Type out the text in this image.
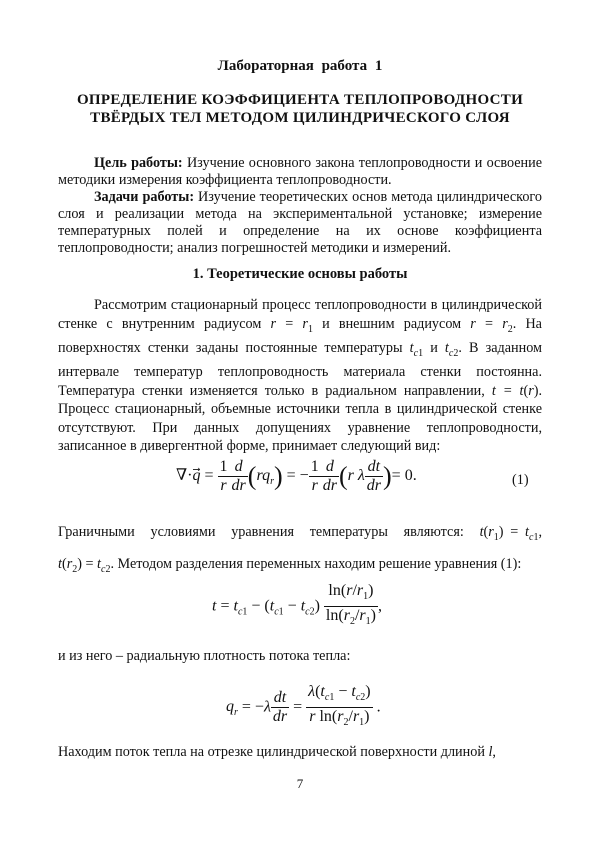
Лабораторная работа 1
ОПРЕДЕЛЕНИЕ КОЭФФИЦИЕНТА ТЕПЛОПРОВОДНОСТИ
ТВЁРДЫХ ТЕЛ МЕТОДОМ ЦИЛИНДРИЧЕСКОГО СЛОЯ
Цель работы: Изучение основного закона теплопроводности и освоение методики измерения коэффициента теплопроводности.
Задачи работы: Изучение теоретических основ метода цилиндрического слоя и реализации метода на экспериментальной установке; измерение температурных полей и определение на их основе коэффициента теплопроводности; анализ погрешностей методики и измерений.
1. Теоретические основы работы
Рассмотрим стационарный процесс теплопроводности в цилиндрической стенке с внутренним радиусом $r = r_1$ и внешним радиусом $r = r_2$. На поверхностях стенки заданы постоянные температуры $t_{c1}$ и $t_{c2}$. В заданном интервале температур теплопроводность материала стенки постоянна. Температура стенки изменяется только в радиальном направлении, t = t(r). Процесс стационарный, объемные источники тепла в цилиндрической стенке отсутствуют. При данных допущениях уравнение теплопроводности, записанное в дивергентной форме, принимает следующий вид:
∇·q⃗ = $\frac{1}{r} \frac{d}{dr} (rq_r)$ = − $\frac{1}{r} \frac{d}{dr} (r$ λ $\frac{dt}{dr}$ )= 0.	(1)
Граничными условиями уравнения температуры являются: $t(r_1) = t_{c1}$, $t(r_2) = t_{c2}$. Методом разделения переменных находим решение уравнения (1):
$t = t_{c1} - (t_{c1} - t_{c2}) \frac{\ln(r/r_1)}{\ln(r_2/r_1)}$ ,
и из него – радиальную плотность потока тепла:
$q_r = -\lambda \frac{dt}{dr} = \frac{\lambda(t_{c1} - t_{c2})}{r \ln(r_2/r_1)}$ .
Находим поток тепла на отрезке цилиндрической поверхности длиной l,
7
